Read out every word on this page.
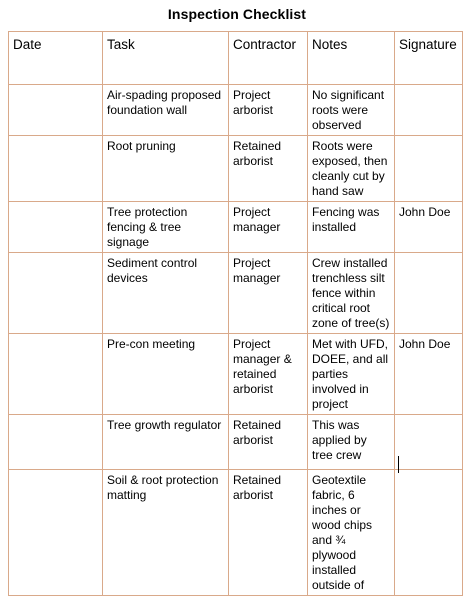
Inspection Checklist
Date	Task	Contractor	Notes	Signature
	Air-spading proposed foundation wall	Project arborist	No significant roots were observed	
	Root pruning	Retained arborist	Roots were exposed, then cleanly cut by hand saw	
	Tree protection fencing & tree signage	Project manager	Fencing was installed	John Doe
	Sediment control devices	Project manager	Crew installed trenchless silt fence within critical root zone of tree(s)	
	Pre-con meeting	Project manager & retained arborist	Met with UFD, DOEE, and all parties involved in project	John Doe
	Tree growth regulator	Retained arborist	This was applied by tree crew	
	Soil & root protection matting	Retained arborist	Geotextile fabric, 6 inches or wood chips and ¾ plywood installed outside of	
